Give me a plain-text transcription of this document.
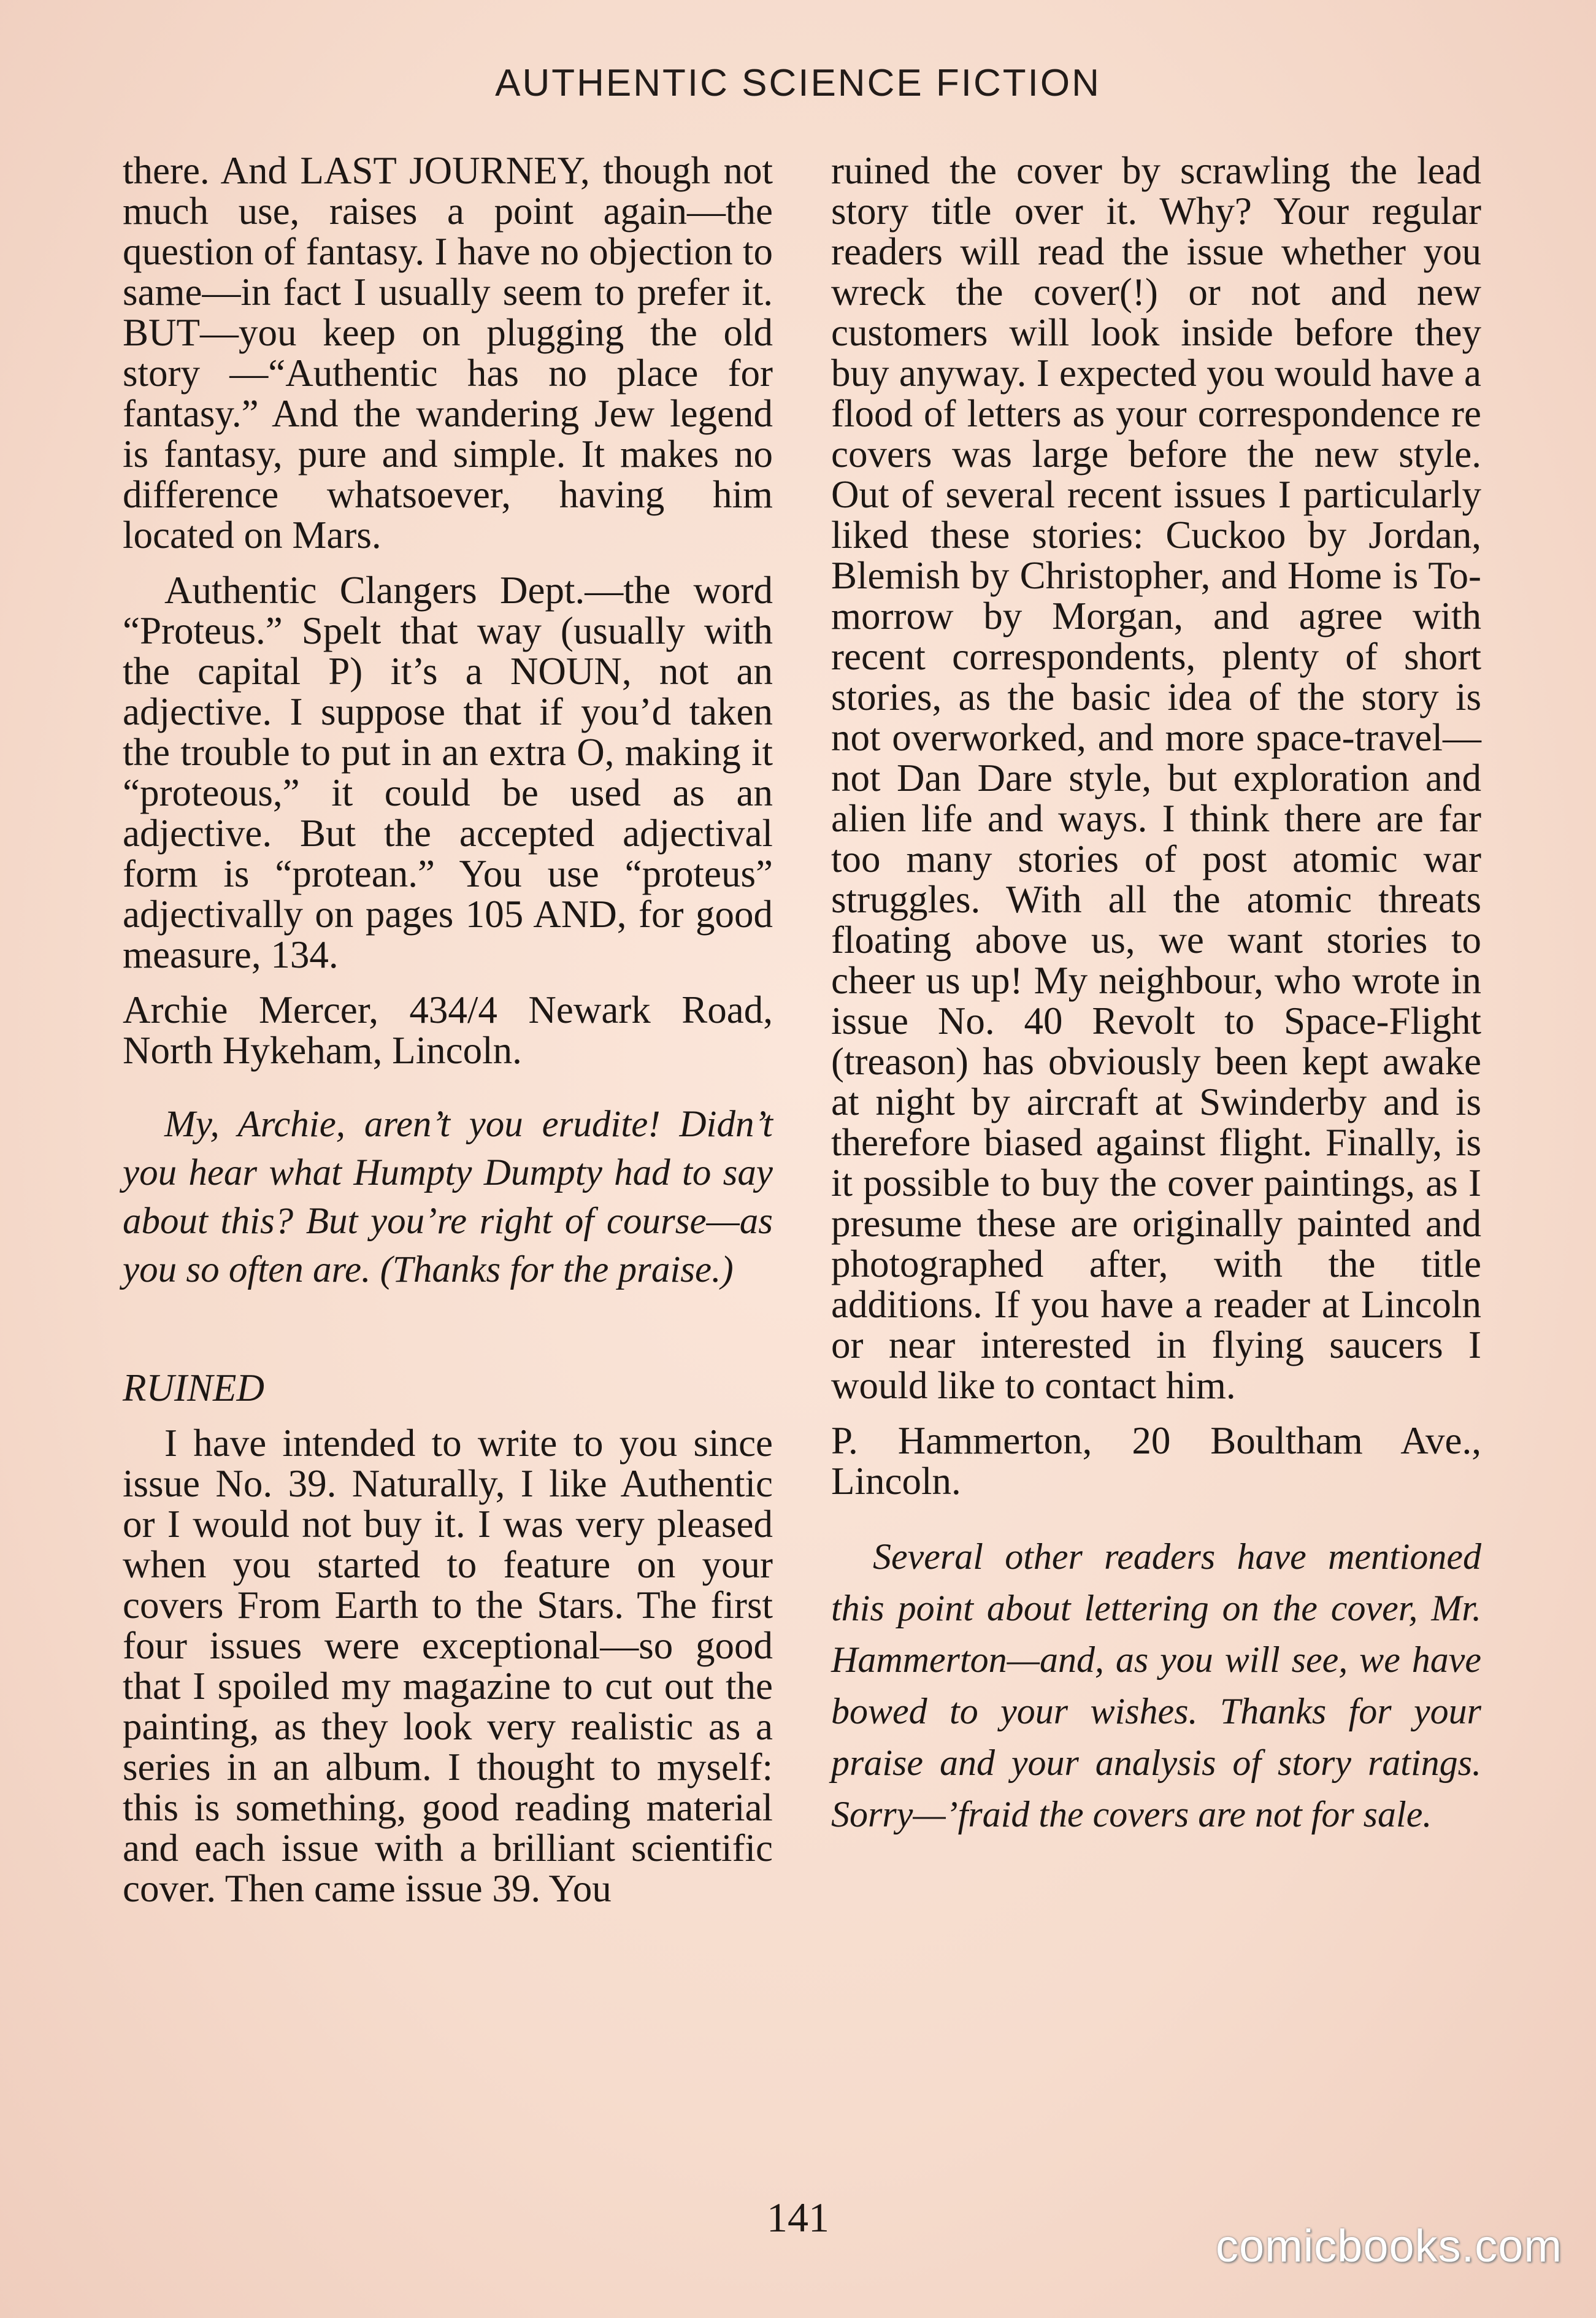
AUTHENTIC SCIENCE FICTION

there. And LAST JOURNEY, though not much use, raises a point again—the question of fantasy. I have no objection to same—in fact I usually seem to prefer it. BUT—you keep on plugging the old story —“Authentic has no place for fantasy.” And the wandering Jew legend is fantasy, pure and simple. It makes no difference whatsoever, having him located on Mars.

Authentic Clangers Dept.—the word “Proteus.” Spelt that way (usually with the capital P) it’s a NOUN, not an adjective. I suppose that if you’d taken the trouble to put in an extra O, making it “proteous,” it could be used as an adjective. But the accepted adjectival form is “protean.” You use “proteus” adjectivally on pages 105 AND, for good measure, 134.

Archie Mercer, 434/4 Newark Road, North Hykeham, Lincoln.

My, Archie, aren’t you erudite! Didn’t you hear what Humpty Dumpty had to say about this? But you’re right of course—as you so often are. (Thanks for the praise.)

RUINED

I have intended to write to you since issue No. 39. Naturally, I like Authentic or I would not buy it. I was very pleased when you started to feature on your covers From Earth to the Stars. The first four issues were exceptional—so good that I spoiled my magazine to cut out the painting, as they look very realistic as a series in an album. I thought to myself: this is something, good reading material and each issue with a brilliant scientific cover. Then came issue 39. You

ruined the cover by scrawling the lead story title over it. Why? Your regular readers will read the issue whether you wreck the cover(!) or not and new customers will look inside before they buy anyway. I expected you would have a flood of letters as your correspondence re covers was large before the new style. Out of several recent issues I particularly liked these stories: Cuckoo by Jordan, Blemish by Christopher, and Home is Tomorrow by Morgan, and agree with recent correspondents, plenty of short stories, as the basic idea of the story is not overworked, and more space-travel—not Dan Dare style, but exploration and alien life and ways. I think there are far too many stories of post atomic war struggles. With all the atomic threats floating above us, we want stories to cheer us up! My neighbour, who wrote in issue No. 40 Revolt to Space-Flight (treason) has obviously been kept awake at night by aircraft at Swinderby and is therefore biased against flight. Finally, is it possible to buy the cover paintings, as I presume these are originally painted and photographed after, with the title additions. If you have a reader at Lincoln or near interested in flying saucers I would like to contact him.

P. Hammerton, 20 Boultham Ave., Lincoln.

Several other readers have mentioned this point about lettering on the cover, Mr. Hammerton—and, as you will see, we have bowed to your wishes. Thanks for your praise and your analysis of story ratings. Sorry—’fraid the covers are not for sale.

141
comicbooks.com
